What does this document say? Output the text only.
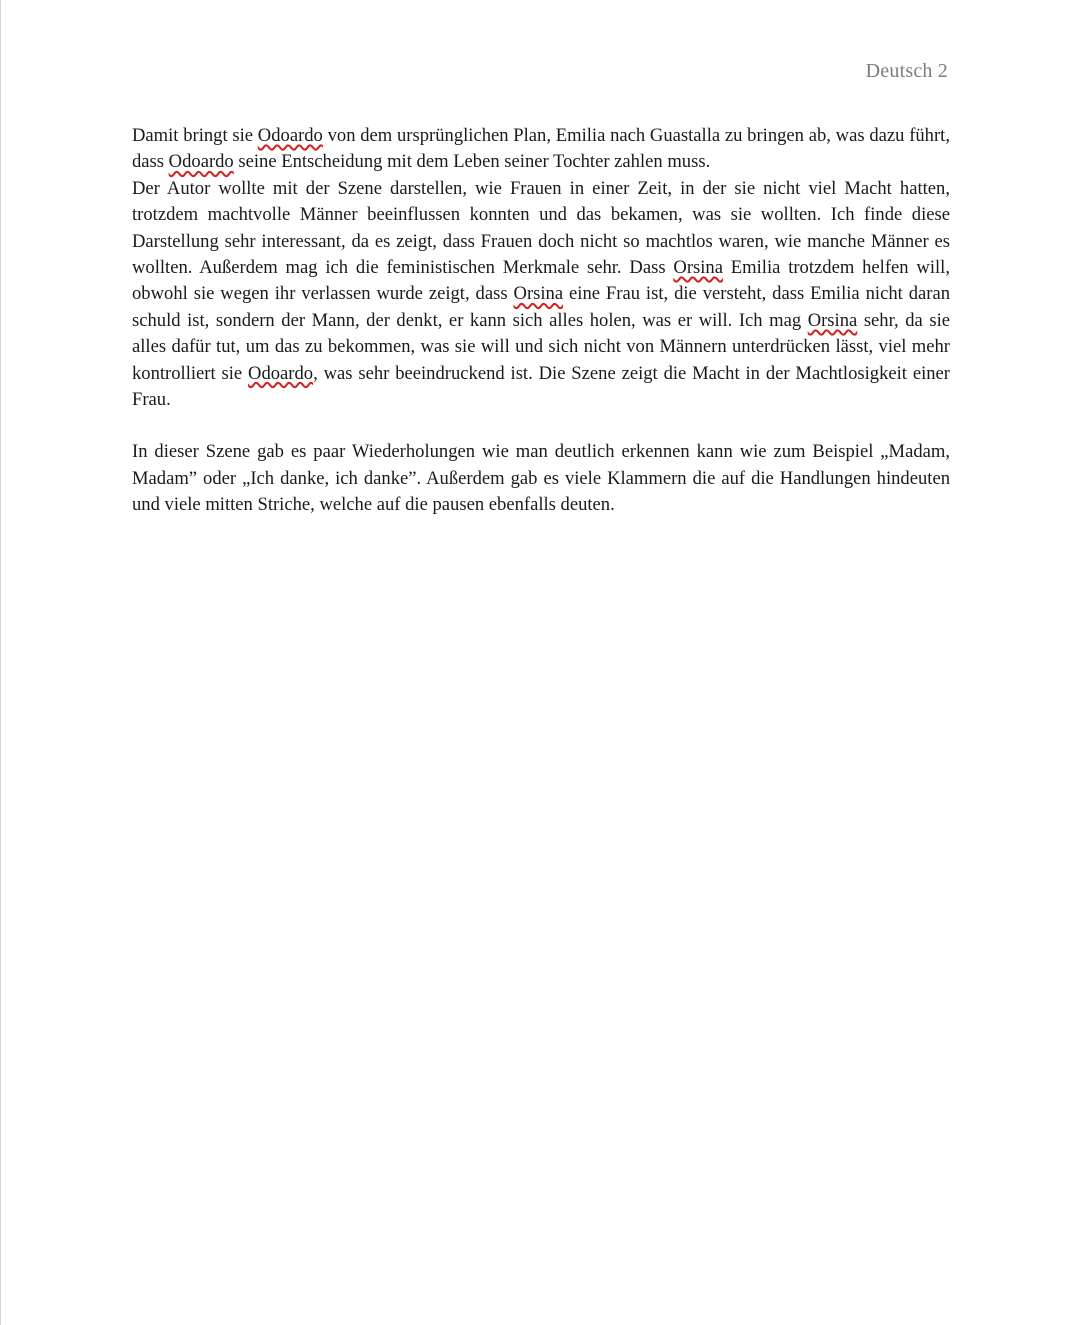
Deutsch 2

Damit bringt sie Odoardo von dem ursprünglichen Plan, Emilia nach Guastalla zu bringen ab, was dazu führt, dass Odoardo seine Entscheidung mit dem Leben seiner Tochter zahlen muss.

Der Autor wollte mit der Szene darstellen, wie Frauen in einer Zeit, in der sie nicht viel Macht hatten, trotzdem machtvolle Männer beeinflussen konnten und das bekamen, was sie wollten. Ich finde diese Darstellung sehr interessant, da es zeigt, dass Frauen doch nicht so machtlos waren, wie manche Männer es wollten. Außerdem mag ich die feministischen Merkmale sehr. Dass Orsina Emilia trotzdem helfen will, obwohl sie wegen ihr verlassen wurde zeigt, dass Orsina eine Frau ist, die versteht, dass Emilia nicht daran schuld ist, sondern der Mann, der denkt, er kann sich alles holen, was er will. Ich mag Orsina sehr, da sie alles dafür tut, um das zu bekommen, was sie will und sich nicht von Männern unterdrücken lässt, viel mehr kontrolliert sie Odoardo, was sehr beeindruckend ist. Die Szene zeigt die Macht in der Machtlosigkeit einer Frau.

In dieser Szene gab es paar Wiederholungen wie man deutlich erkennen kann wie zum Beispiel „Madam, Madam” oder „Ich danke, ich danke”. Außerdem gab es viele Klammern die auf die Handlungen hindeuten und viele mitten Striche, welche auf die pausen ebenfalls deuten.
